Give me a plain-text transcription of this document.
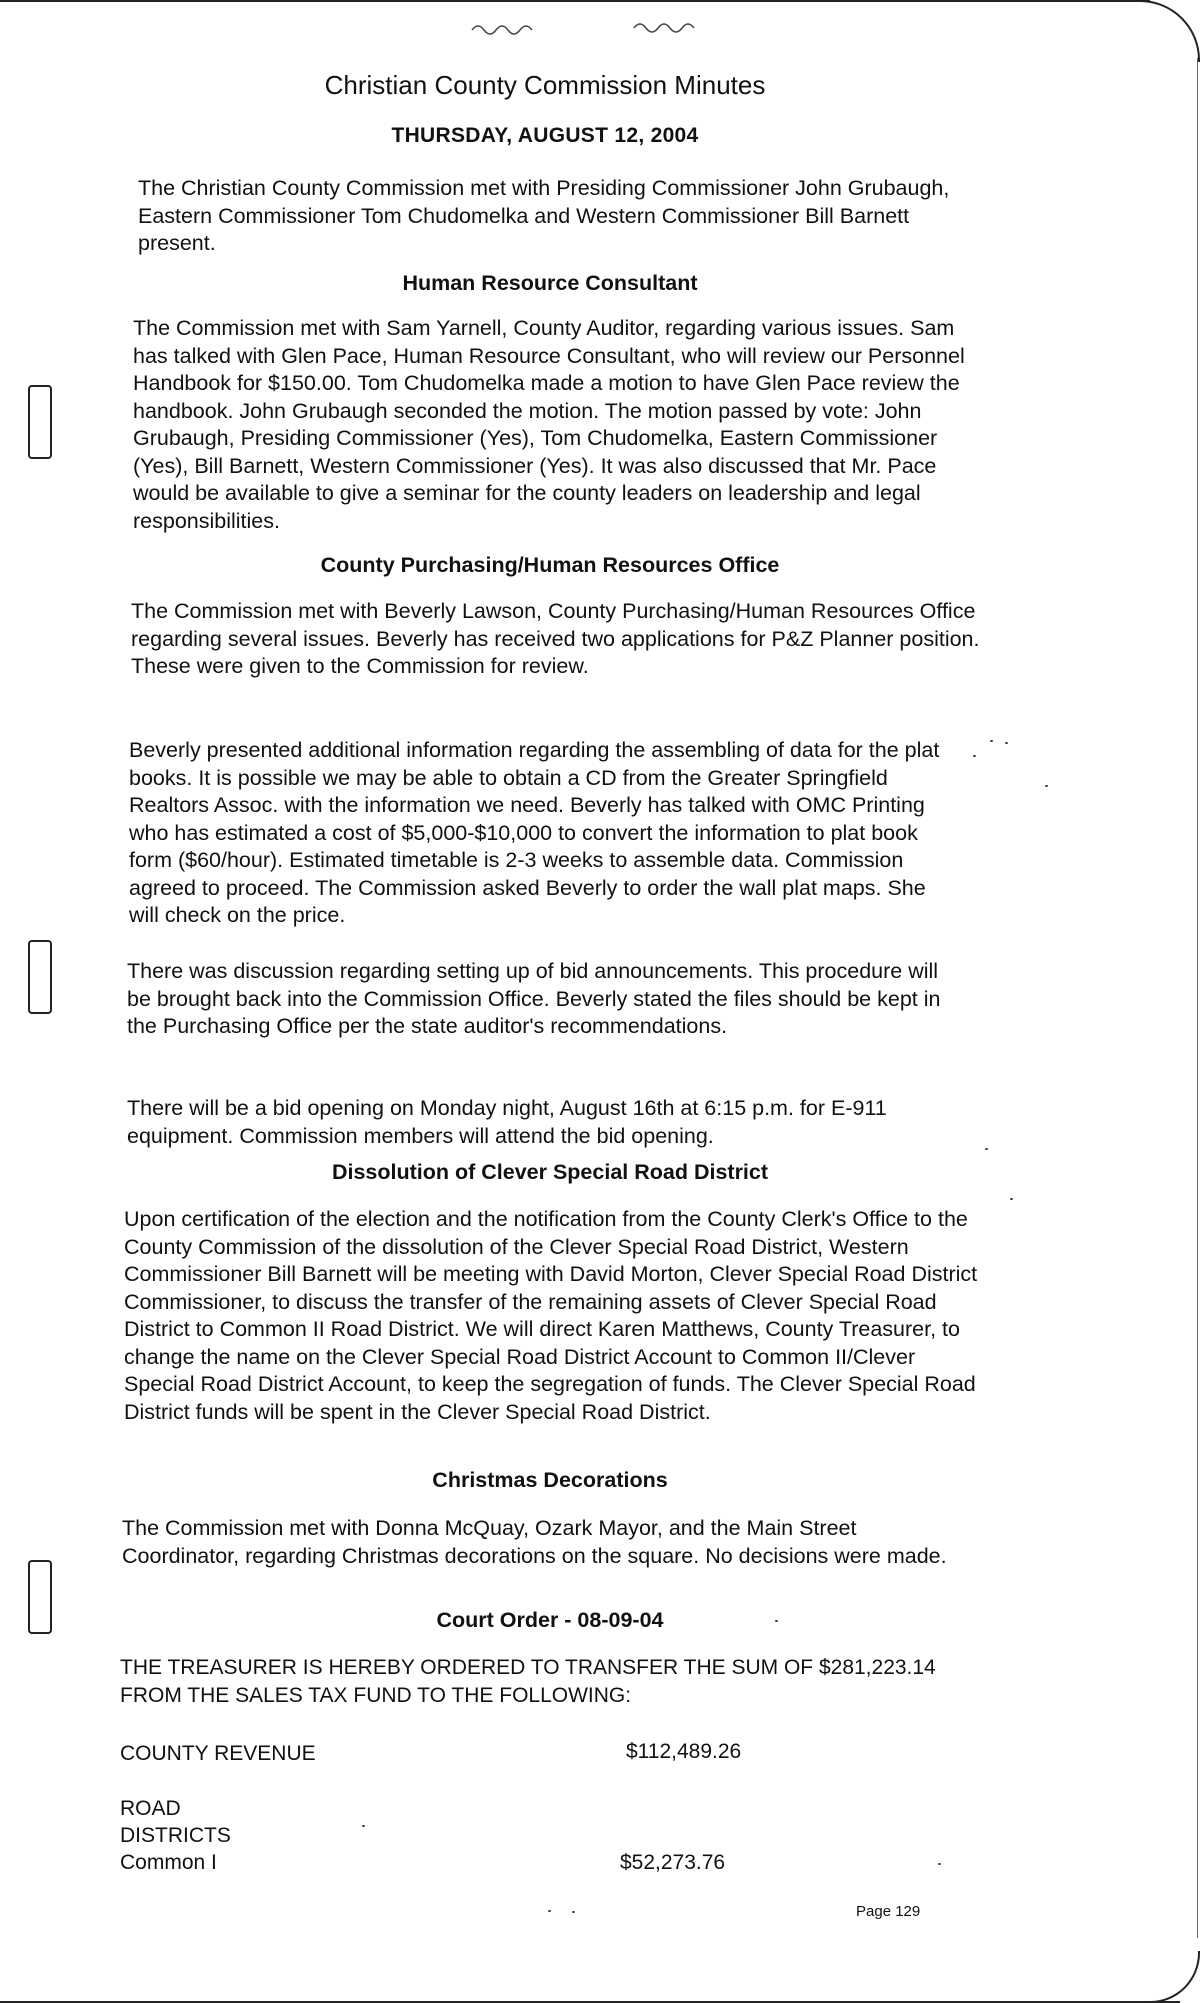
Christian County Commission Minutes
THURSDAY, AUGUST 12, 2004

The Christian County Commission met with Presiding Commissioner John Grubaugh, Eastern Commissioner Tom Chudomelka and Western Commissioner Bill Barnett present.

Human Resource Consultant

The Commission met with Sam Yarnell, County Auditor, regarding various issues. Sam has talked with Glen Pace, Human Resource Consultant, who will review our Personnel Handbook for $150.00. Tom Chudomelka made a motion to have Glen Pace review the handbook. John Grubaugh seconded the motion. The motion passed by vote: John Grubaugh, Presiding Commissioner (Yes), Tom Chudomelka, Eastern Commissioner (Yes), Bill Barnett, Western Commissioner (Yes). It was also discussed that Mr. Pace would be available to give a seminar for the county leaders on leadership and legal responsibilities.

County Purchasing/Human Resources Office

The Commission met with Beverly Lawson, County Purchasing/Human Resources Office regarding several issues. Beverly has received two applications for P&Z Planner position. These were given to the Commission for review.

Beverly presented additional information regarding the assembling of data for the plat books. It is possible we may be able to obtain a CD from the Greater Springfield Realtors Assoc. with the information we need. Beverly has talked with OMC Printing who has estimated a cost of $5,000-$10,000 to convert the information to plat book form ($60/hour). Estimated timetable is 2-3 weeks to assemble data. Commission agreed to proceed. The Commission asked Beverly to order the wall plat maps. She will check on the price.

There was discussion regarding setting up of bid announcements. This procedure will be brought back into the Commission Office. Beverly stated the files should be kept in the Purchasing Office per the state auditor's recommendations.

There will be a bid opening on Monday night, August 16th at 6:15 p.m. for E-911 equipment. Commission members will attend the bid opening.

Dissolution of Clever Special Road District

Upon certification of the election and the notification from the County Clerk's Office to the County Commission of the dissolution of the Clever Special Road District, Western Commissioner Bill Barnett will be meeting with David Morton, Clever Special Road District Commissioner, to discuss the transfer of the remaining assets of Clever Special Road District to Common II Road District. We will direct Karen Matthews, County Treasurer, to change the name on the Clever Special Road District Account to Common II/Clever Special Road District Account, to keep the segregation of funds. The Clever Special Road District funds will be spent in the Clever Special Road District.

Christmas Decorations

The Commission met with Donna McQuay, Ozark Mayor, and the Main Street Coordinator, regarding Christmas decorations on the square. No decisions were made.

Court Order - 08-09-04

THE TREASURER IS HEREBY ORDERED TO TRANSFER THE SUM OF $281,223.14 FROM THE SALES TAX FUND TO THE FOLLOWING:

COUNTY REVENUE	$112,489.26
ROAD
DISTRICTS
Common I	$52,273.76
Page 129
